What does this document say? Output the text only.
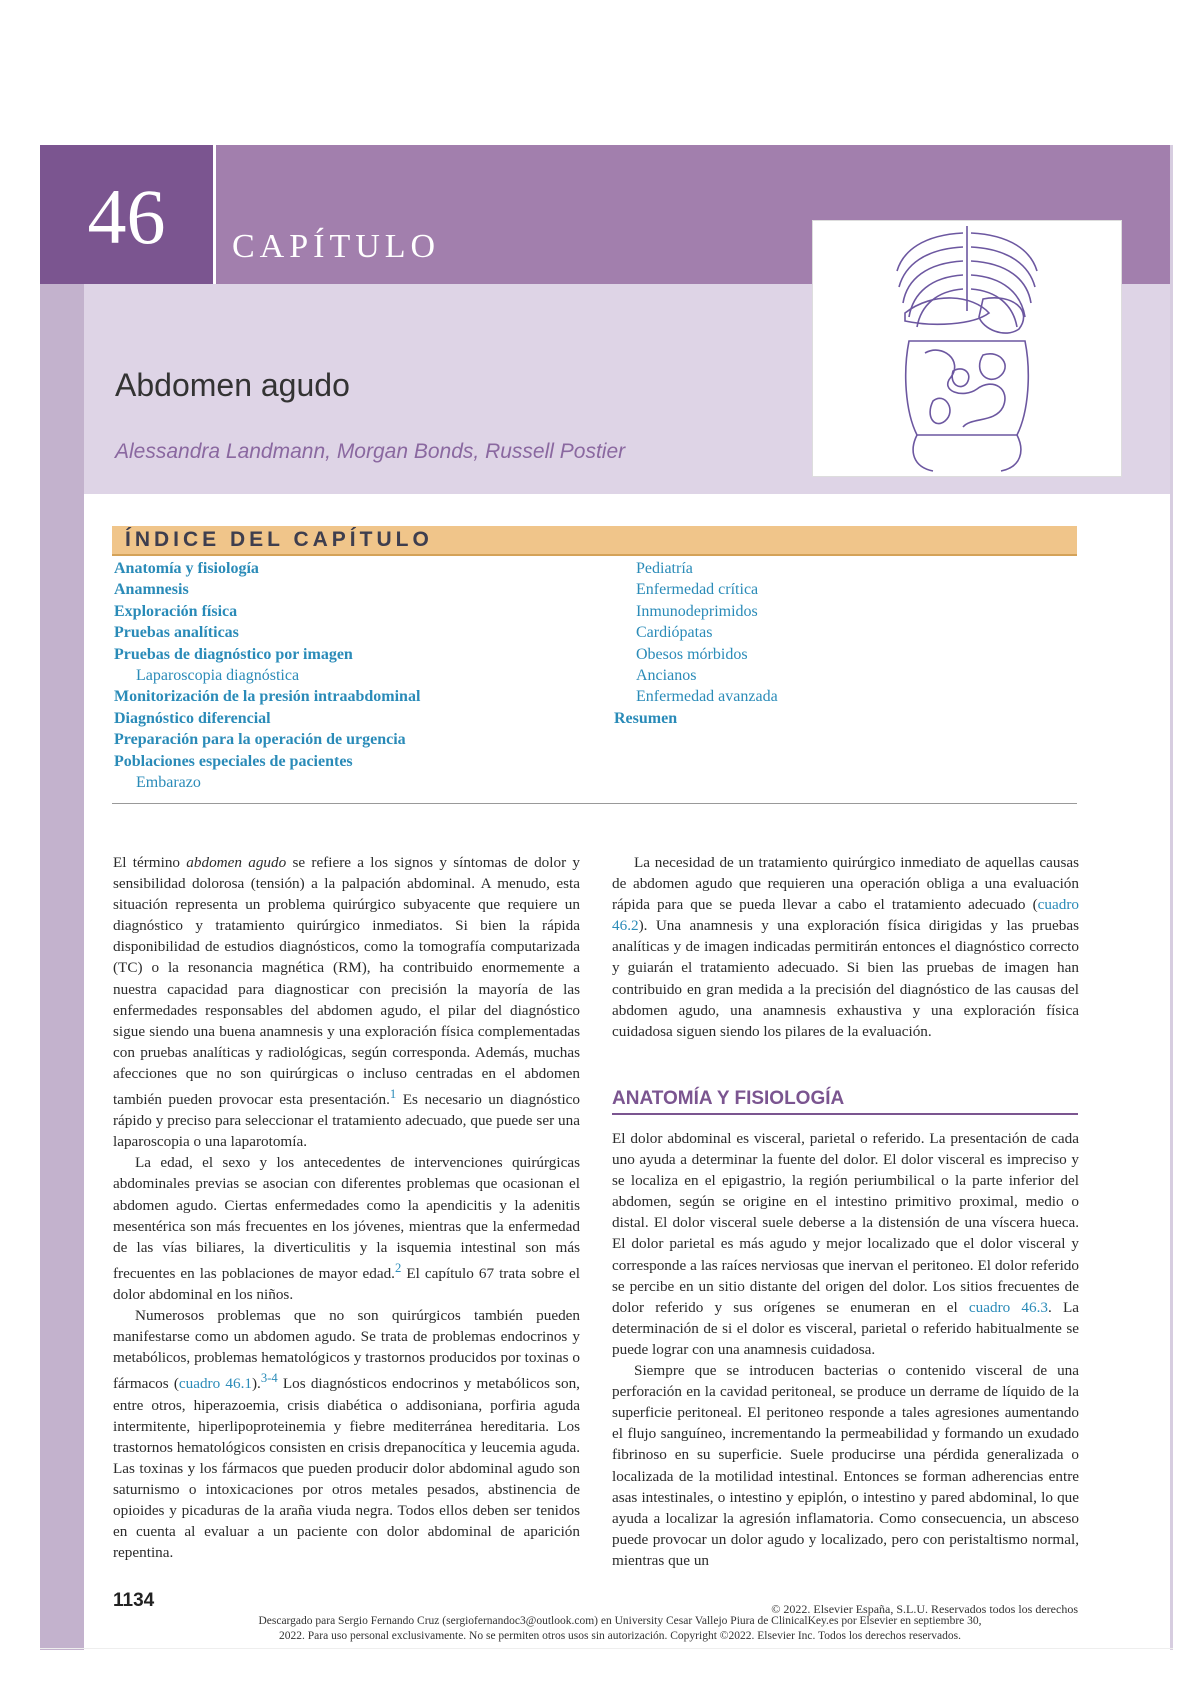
46	CAPÍTULO
Abdomen agudo
Alessandra Landmann, Morgan Bonds, Russell Postier
ÍNDICE DEL CAPÍTULO
Anatomía y fisiología
Anamnesis
Exploración física
Pruebas analíticas
Pruebas de diagnóstico por imagen
Laparoscopia diagnóstica
Monitorización de la presión intraabdominal
Diagnóstico diferencial
Preparación para la operación de urgencia
Poblaciones especiales de pacientes
Embarazo
Pediatría
Enfermedad crítica
Inmunodeprimidos
Cardiópatas
Obesos mórbidos
Ancianos
Enfermedad avanzada
Resumen

El término abdomen agudo se refiere a los signos y síntomas de dolor y sensibilidad dolorosa (tensión) a la palpación abdominal. A menudo, esta situación representa un problema quirúrgico subyacente que requiere un diagnóstico y tratamiento quirúrgico inmediatos. Si bien la rápida disponibilidad de estudios diagnósticos, como la tomografía computarizada (TC) o la resonancia magnética (RM), ha contribuido enormemente a nuestra capacidad para diagnosticar con precisión la mayoría de las enfermedades responsables del abdomen agudo, el pilar del diagnóstico sigue siendo una buena anamnesis y una exploración física complementadas con pruebas analíticas y radiológicas, según corresponda. Además, muchas afecciones que no son quirúrgicas o incluso centradas en el abdomen también pueden provocar esta presentación.$^1$ Es necesario un diagnóstico rápido y preciso para seleccionar el tratamiento adecuado, que puede ser una laparoscopia o una laparotomía.

La edad, el sexo y los antecedentes de intervenciones quirúrgicas abdominales previas se asocian con diferentes problemas que ocasionan el abdomen agudo. Ciertas enfermedades como la apendicitis y la adenitis mesentérica son más frecuentes en los jóvenes, mientras que la enfermedad de las vías biliares, la diverticulitis y la isquemia intestinal son más frecuentes en las poblaciones de mayor edad.$^2$ El capítulo 67 trata sobre el dolor abdominal en los niños.

Numerosos problemas que no son quirúrgicos también pueden manifestarse como un abdomen agudo. Se trata de problemas endocrinos y metabólicos, problemas hematológicos y trastornos producidos por toxinas o fármacos (cuadro 46.1).$^{3-4}$ Los diagnósticos endocrinos y metabólicos son, entre otros, hiperazoemia, crisis diabética o addisoniana, porfiria aguda intermitente, hiperlipoproteinemia y fiebre mediterránea hereditaria. Los trastornos hematológicos consisten en crisis drepanocítica y leucemia aguda. Las toxinas y los fármacos que pueden producir dolor abdominal agudo son saturnismo o intoxicaciones por otros metales pesados, abstinencia de opioides y picaduras de la araña viuda negra. Todos ellos deben ser tenidos en cuenta al evaluar a un paciente con dolor abdominal de aparición repentina.

La necesidad de un tratamiento quirúrgico inmediato de aquellas causas de abdomen agudo que requieren una operación obliga a una evaluación rápida para que se pueda llevar a cabo el tratamiento adecuado (cuadro 46.2). Una anamnesis y una exploración física dirigidas y las pruebas analíticas y de imagen indicadas permitirán entonces el diagnóstico correcto y guiarán el tratamiento adecuado. Si bien las pruebas de imagen han contribuido en gran medida a la precisión del diagnóstico de las causas del abdomen agudo, una anamnesis exhaustiva y una exploración física cuidadosa siguen siendo los pilares de la evaluación.

ANATOMÍA Y FISIOLOGÍA

El dolor abdominal es visceral, parietal o referido. La presentación de cada uno ayuda a determinar la fuente del dolor. El dolor visceral es impreciso y se localiza en el epigastrio, la región periumbilical o la parte inferior del abdomen, según se origine en el intestino primitivo proximal, medio o distal. El dolor visceral suele deberse a la distensión de una víscera hueca. El dolor parietal es más agudo y mejor localizado que el dolor visceral y corresponde a las raíces nerviosas que inervan el peritoneo. El dolor referido se percibe en un sitio distante del origen del dolor. Los sitios frecuentes de dolor referido y sus orígenes se enumeran en el cuadro 46.3. La determinación de si el dolor es visceral, parietal o referido habitualmente se puede lograr con una anamnesis cuidadosa.

Siempre que se introducen bacterias o contenido visceral de una perforación en la cavidad peritoneal, se produce un derrame de líquido de la superficie peritoneal. El peritoneo responde a tales agresiones aumentando el flujo sanguíneo, incrementando la permeabilidad y formando un exudado fibrinoso en su superficie. Suele producirse una pérdida generalizada o localizada de la motilidad intestinal. Entonces se forman adherencias entre asas intestinales, o intestino y epiplón, o intestino y pared abdominal, lo que ayuda a localizar la agresión inflamatoria. Como consecuencia, un absceso puede provocar un dolor agudo y localizado, pero con peristaltismo normal, mientras que un

1134	© 2022. Elsevier España, S.L.U. Reservados todos los derechos
Descargado para Sergio Fernando Cruz (sergiofernandoc3@outlook.com) en University Cesar Vallejo Piura de ClinicalKey.es por Elsevier en septiembre 30,
2022. Para uso personal exclusivamente. No se permiten otros usos sin autorización. Copyright ©2022. Elsevier Inc. Todos los derechos reservados.
